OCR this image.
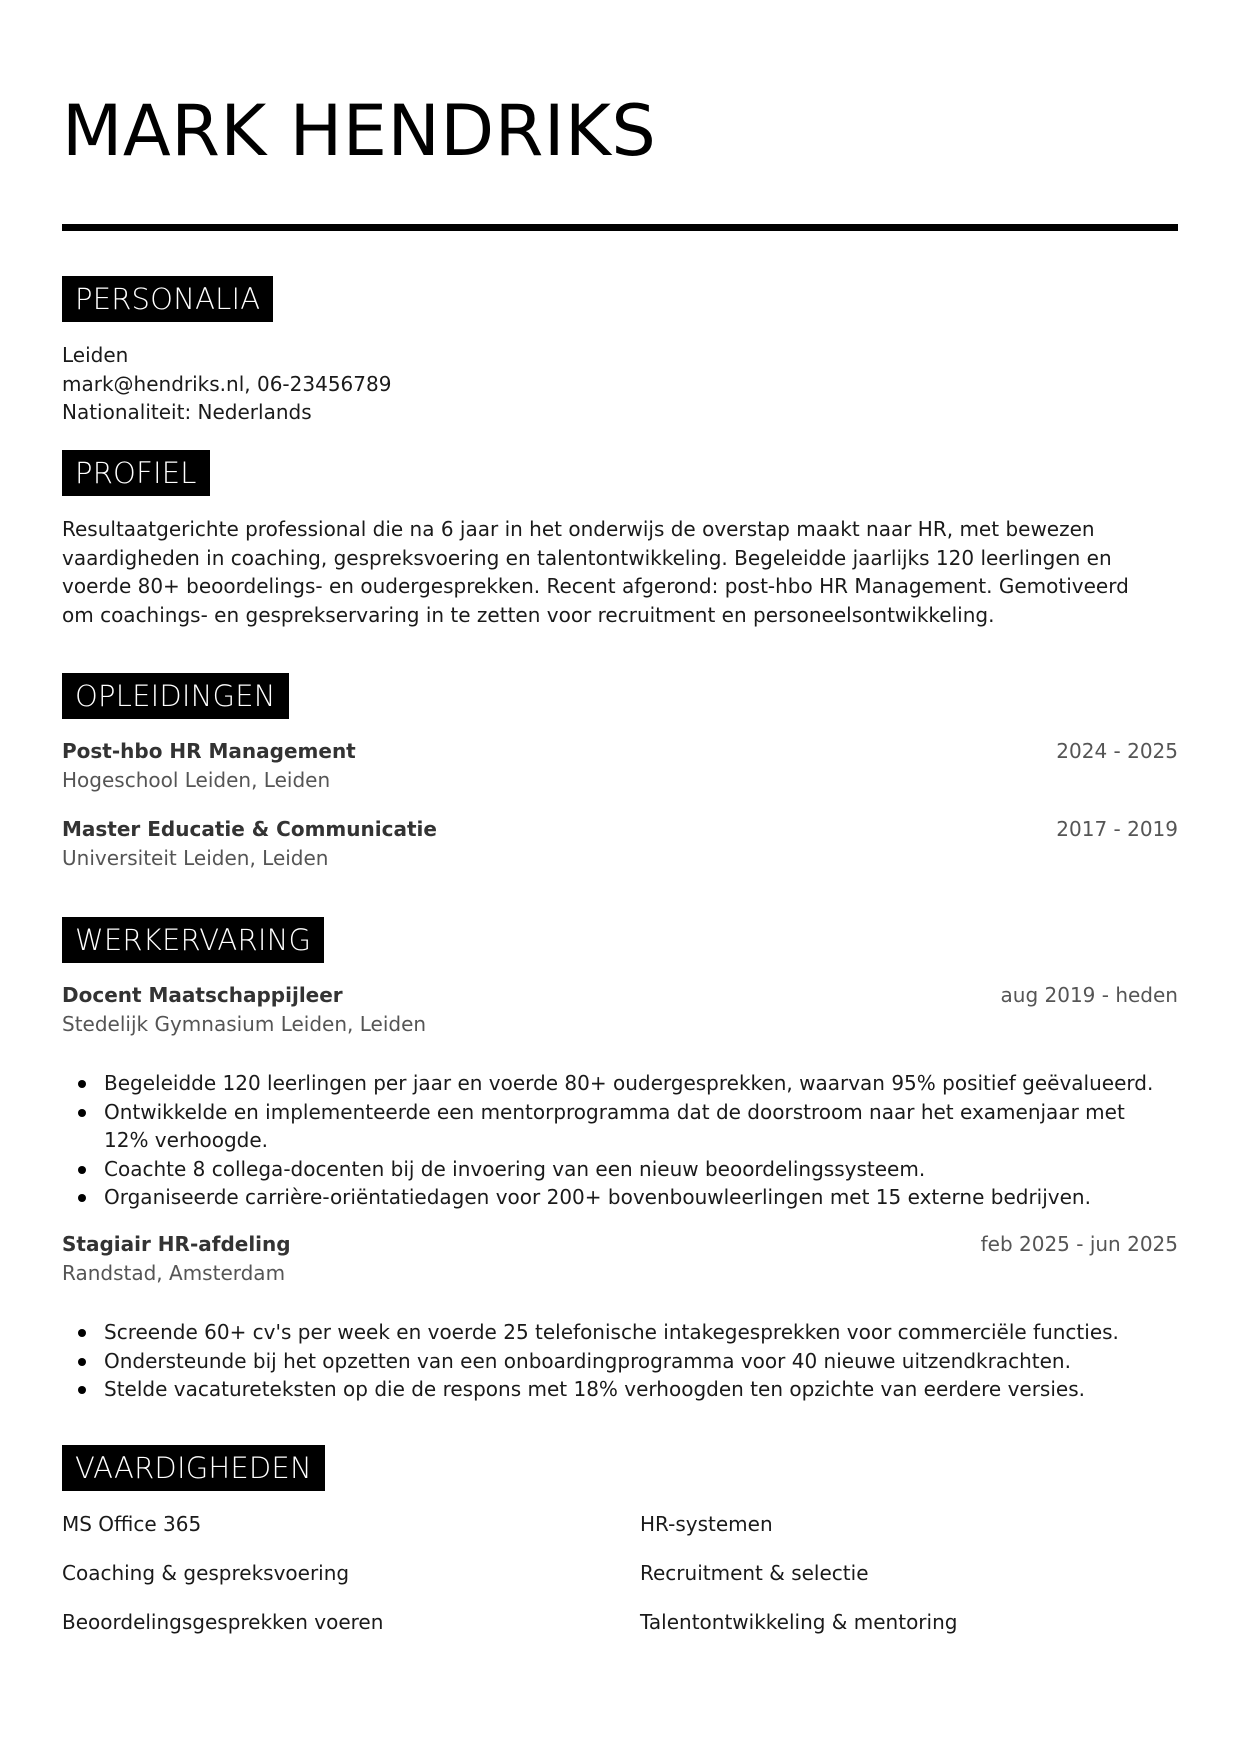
MARK HENDRIKS
PERSONALIA
Leiden
mark@hendriks.nl, 06-23456789
Nationaliteit: Nederlands
PROFIEL
Resultaatgerichte professional die na 6 jaar in het onderwijs de overstap maakt naar HR, met bewezen
vaardigheden in coaching, gespreksvoering en talentontwikkeling. Begeleidde jaarlijks 120 leerlingen en
voerde 80+ beoordelings- en oudergesprekken. Recent afgerond: post-hbo HR Management. Gemotiveerd
om coachings- en gesprekservaring in te zetten voor recruitment en personeelsontwikkeling.
OPLEIDINGEN
Post-hbo HR Management	2024 - 2025
Hogeschool Leiden, Leiden
Master Educatie & Communicatie	2017 - 2019
Universiteit Leiden, Leiden
WERKERVARING
Docent Maatschappijleer	aug 2019 - heden
Stedelijk Gymnasium Leiden, Leiden
Begeleidde 120 leerlingen per jaar en voerde 80+ oudergesprekken, waarvan 95% positief geëvalueerd.
Ontwikkelde en implementeerde een mentorprogramma dat de doorstroom naar het examenjaar met
12% verhoogde.
Coachte 8 collega-docenten bij de invoering van een nieuw beoordelingssysteem.
Organiseerde carrière-oriëntatiedagen voor 200+ bovenbouwleerlingen met 15 externe bedrijven.
Stagiair HR-afdeling	feb 2025 - jun 2025
Randstad, Amsterdam
Screende 60+ cv's per week en voerde 25 telefonische intakegesprekken voor commerciële functies.
Ondersteunde bij het opzetten van een onboardingprogramma voor 40 nieuwe uitzendkrachten.
Stelde vacatureteksten op die de respons met 18% verhoogden ten opzichte van eerdere versies.
VAARDIGHEDEN
MS Office 365	HR-systemen
Coaching & gespreksvoering	Recruitment & selectie
Beoordelingsgesprekken voeren	Talentontwikkeling & mentoring
